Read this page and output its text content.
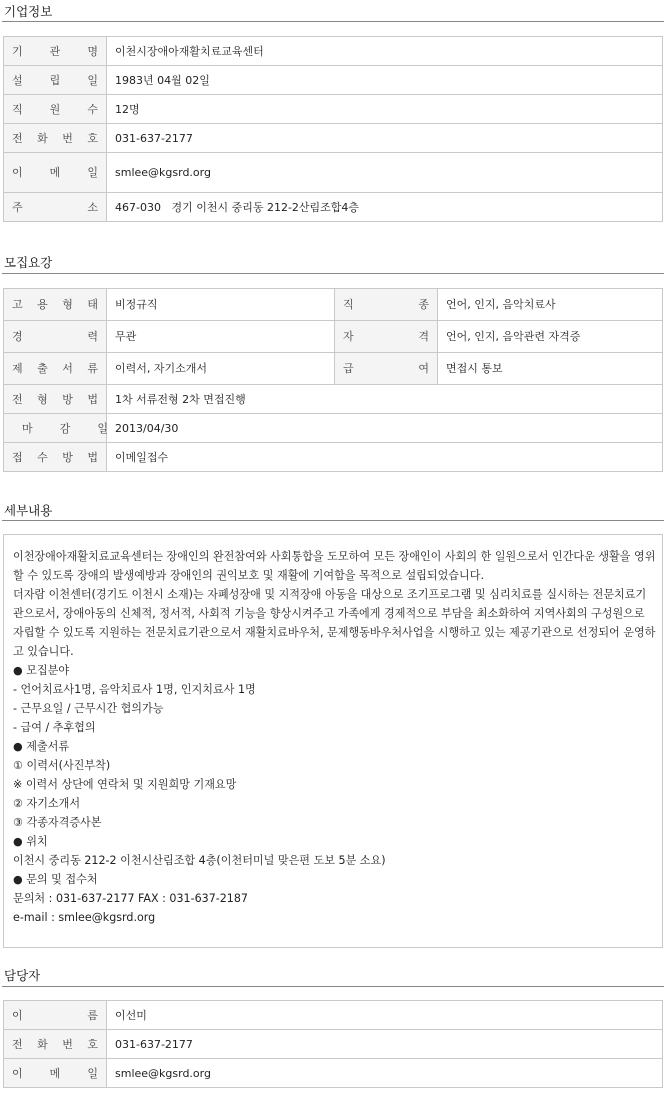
기업정보
기 관 명	이천시장애아재활치료교육센터

설 립 일	1983년 04월 02일

직 원 수	12명

전 화 번 호	031-637-2177

이 메 일	smlee@kgsrd.org

주 소	467-030   경기 이천시 중리동 212-2산림조합4층
모집요강
고 용 형 태	비정규직	직 종	언어, 인지, 음악치료사

경 력	무관	자 격	언어, 인지, 음악관련 자격증

제 출 서 류	이력서, 자기소개서	급 여	면접시 통보

전 형 방 법	1차 서류전형 2차 면접진행		

마 감 일	2013/04/30		

접 수 방 법	이메일접수		
세부내용
이천장애아재활치료교육센터는 장애인의 완전참여와 사회통합을 도모하여 모든 장애인이 사회의 한 일원으로서 인간다운 생활을 영위할 수 있도록 장애의 발생예방과 장애인의 권익보호 및 재활에 기여함을 목적으로 설립되었습니다.
더자람 이천센터(경기도 이천시 소재)는 자폐성장애 및 지적장애 아동을 대상으로 조기프로그램 및 심리치료를 실시하는 전문치료기관으로서, 장애아동의 신체적, 정서적, 사회적 기능을 향상시켜주고 가족에게 경제적으로 부담을 최소화하여 지역사회의 구성원으로 자립할 수 있도록 지원하는 전문치료기관으로서 재활치료바우처, 문제행동바우처사업을 시행하고 있는 제공기관으로 선정되어 운영하고 있습니다.
● 모집분야
- 언어치료사1명, 음악치료사 1명, 인지치료사 1명
- 근무요일 / 근무시간 협의가능
- 급여 / 추후협의
● 제출서류
① 이력서(사진부착)
※ 이력서 상단에 연락처 및 지원희망 기재요망
② 자기소개서
③ 각종자격증사본
● 위치
이천시 중리동 212-2 이천시산림조합 4층(이천터미널 맞은편 도보 5분 소요)
● 문의 및 접수처
문의처 : 031-637-2177 FAX : 031-637-2187
e-mail : smlee@kgsrd.org
담당자
이 름	이선미

전 화 번 호	031-637-2177

이 메 일	smlee@kgsrd.org
